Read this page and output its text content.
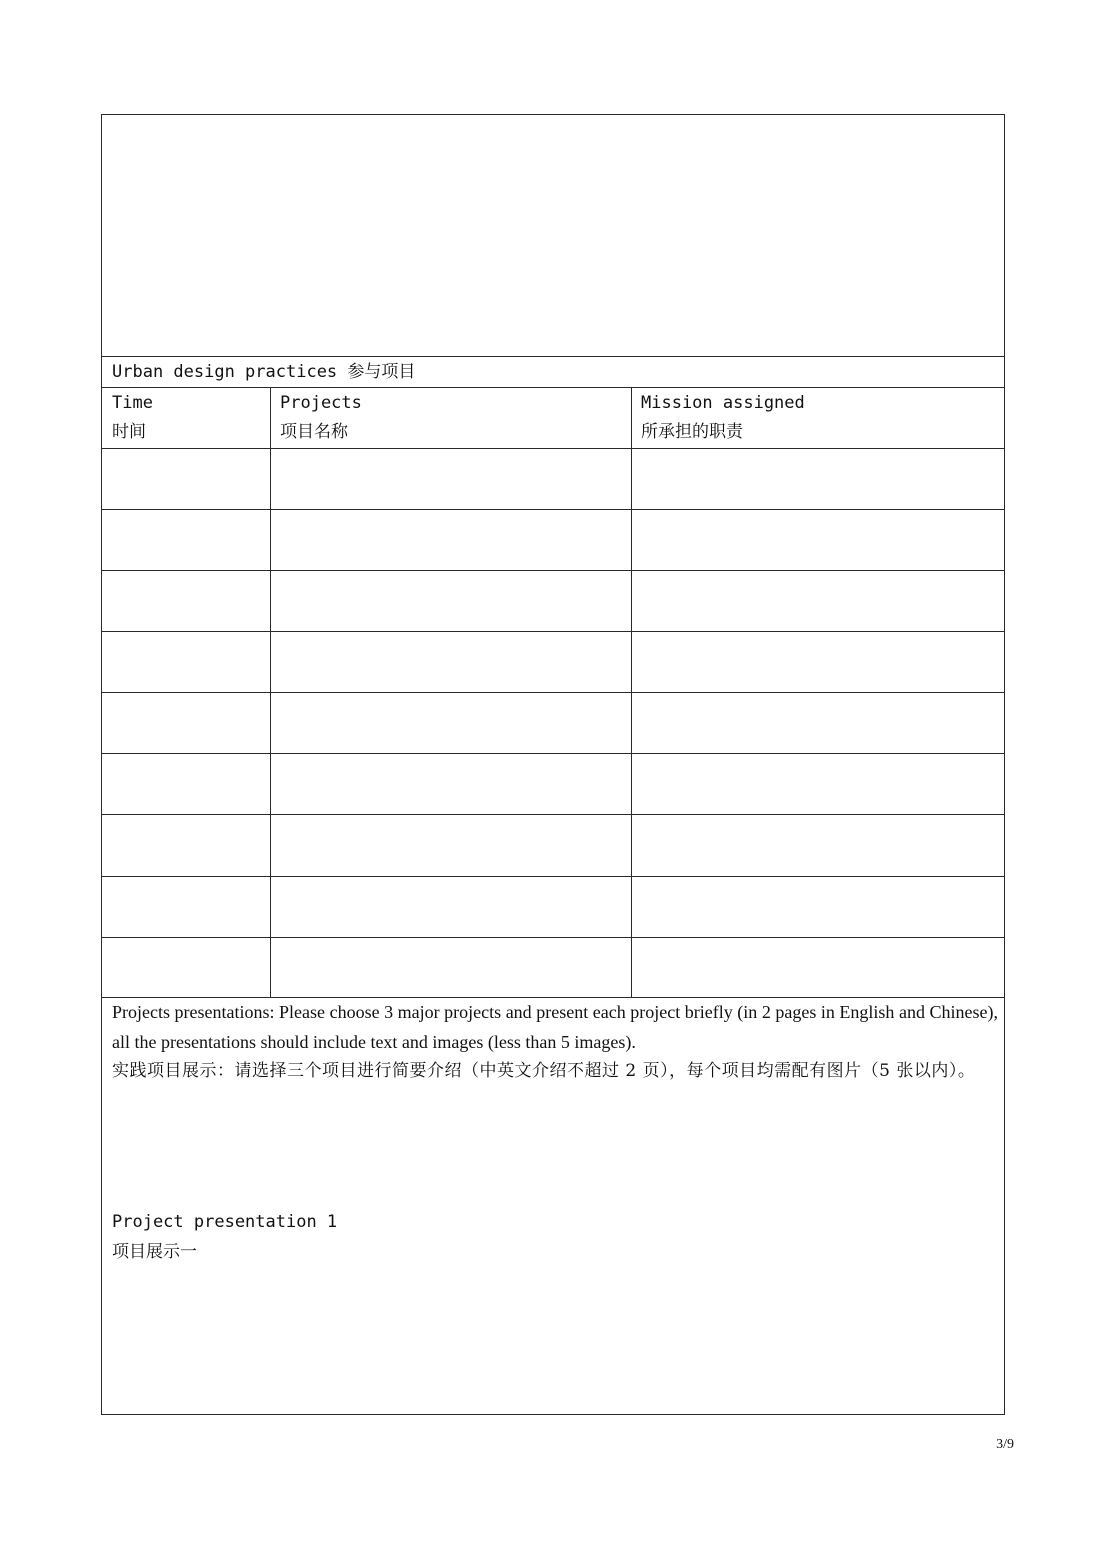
Urban design practices 参与项目
Time
时间
Projects
项目名称
Mission assigned
所承担的职责
Projects presentations: Please choose 3 major projects and present each project briefly (in 2 pages in English and Chinese), all the presentations should include text and images (less than 5 images).
实践项目展示：请选择三个项目进行简要介绍（中英文介绍不超过 2 页），每个项目均需配有图片（5 张以内）。
Project presentation 1
项目展示一
3/9
